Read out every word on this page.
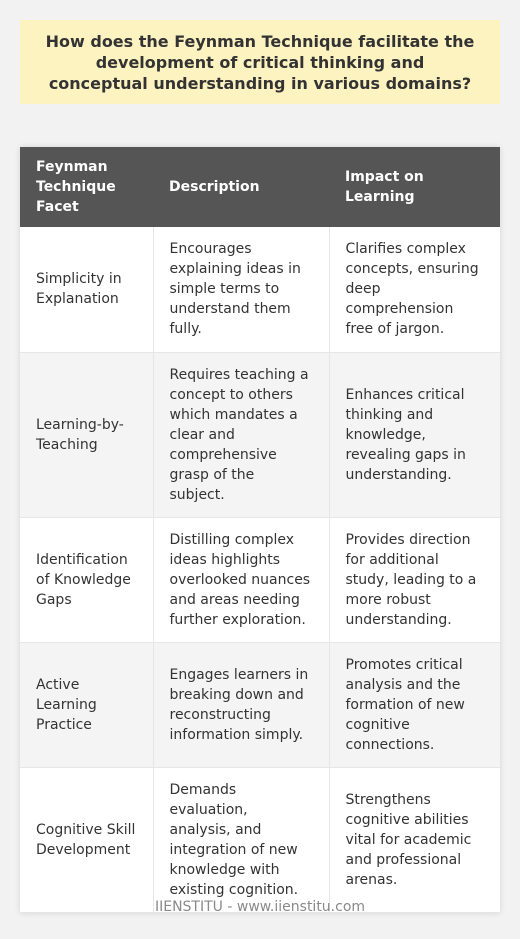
How does the Feynman Technique facilitate the development of critical thinking and conceptual understanding in various domains?
Feynman Technique Facet	Description	Impact on Learning
Simplicity in Explanation	Encourages explaining ideas in simple terms to understand them fully.	Clarifies complex concepts, ensuring deep comprehension free of jargon.
Learning-by-Teaching	Requires teaching a concept to others which mandates a clear and comprehensive grasp of the subject.	Enhances critical thinking and knowledge, revealing gaps in understanding.
Identification of Knowledge Gaps	Distilling complex ideas highlights overlooked nuances and areas needing further exploration.	Provides direction for additional study, leading to a more robust understanding.
Active Learning Practice	Engages learners in breaking down and reconstructing information simply.	Promotes critical analysis and the formation of new cognitive connections.
Cognitive Skill Development	Demands evaluation, analysis, and integration of new knowledge with existing cognition.	Strengthens cognitive abilities vital for academic and professional arenas.
IIENSTITU - www.iienstitu.com
